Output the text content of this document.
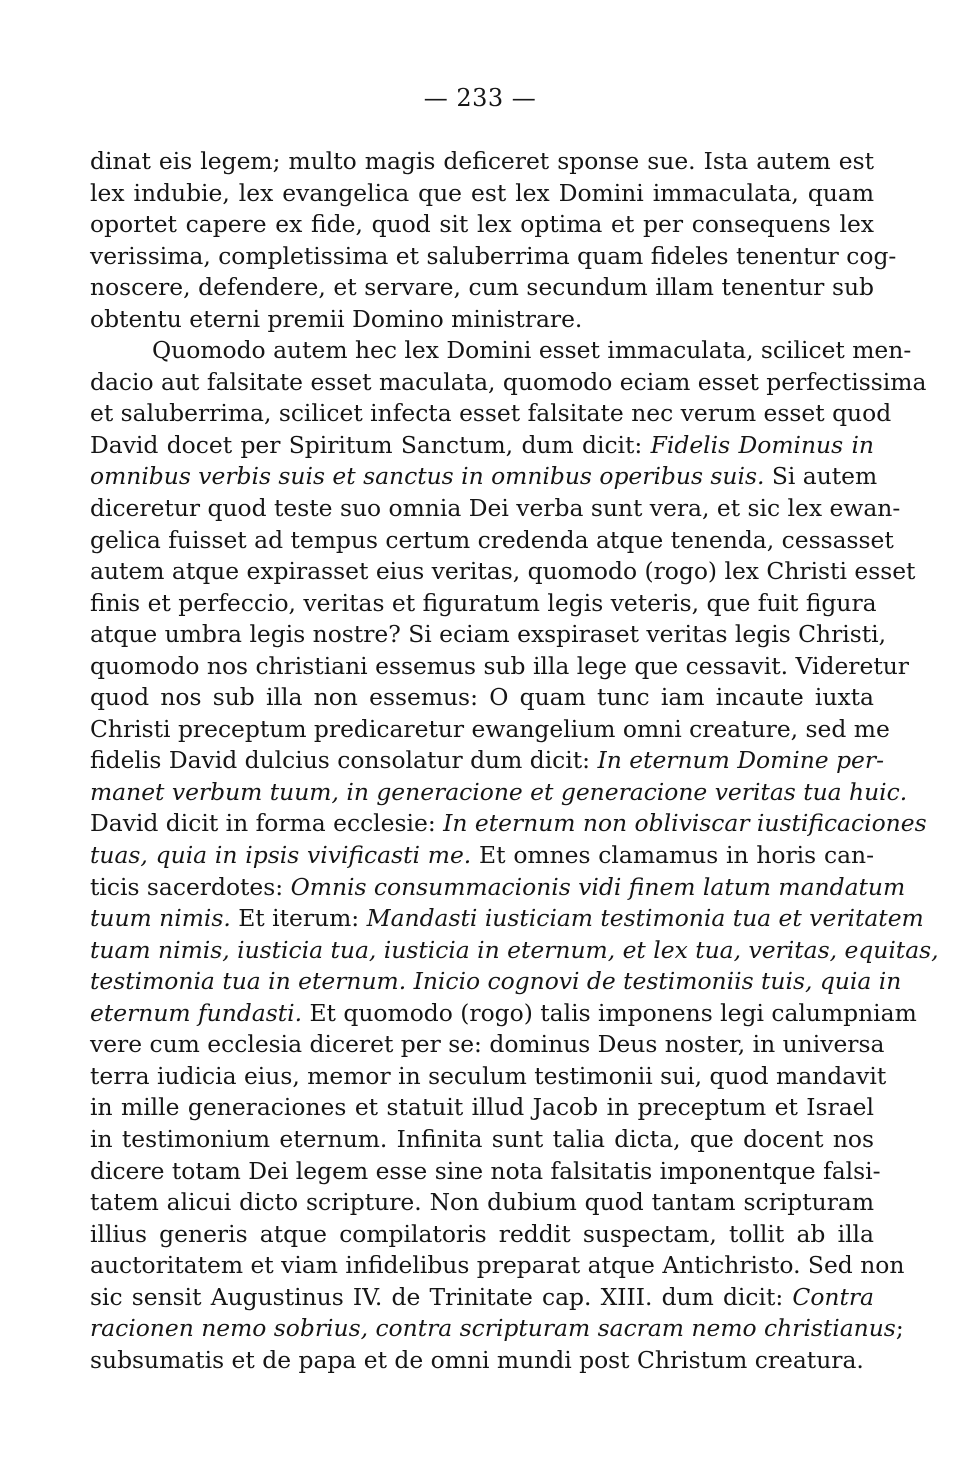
— 233 —
dinat eis legem; multo magis deficeret sponse sue. Ista autem est
lex indubie, lex evangelica que est lex Domini immaculata, quam
oportet capere ex fide, quod sit lex optima et per consequens lex
verissima, completissima et saluberrima quam fideles tenentur cog-
noscere, defendere, et servare, cum secundum illam tenentur sub
obtentu eterni premii Domino ministrare.
Quomodo autem hec lex Domini esset immaculata, scilicet men-
dacio aut falsitate esset maculata, quomodo eciam esset perfectissima
et saluberrima, scilicet infecta esset falsitate nec verum esset quod
David docet per Spiritum Sanctum, dum dicit: Fidelis Dominus in
omnibus verbis suis et sanctus in omnibus operibus suis. Si autem
diceretur quod teste suo omnia Dei verba sunt vera, et sic lex ewan-
gelica fuisset ad tempus certum credenda atque tenenda, cessasset
autem atque expirasset eius veritas, quomodo (rogo) lex Christi esset
finis et perfeccio, veritas et figuratum legis veteris, que fuit figura
atque umbra legis nostre? Si eciam exspiraset veritas legis Christi,
quomodo nos christiani essemus sub illa lege que cessavit. Videretur
quod nos sub illa non essemus: O quam tunc iam incaute iuxta
Christi preceptum predicaretur ewangelium omni creature, sed me
fidelis David dulcius consolatur dum dicit: In eternum Domine per-
manet verbum tuum, in generacione et generacione veritas tua huic.
David dicit in forma ecclesie: In eternum non obliviscar iustificaciones
tuas, quia in ipsis vivificasti me. Et omnes clamamus in horis can-
ticis sacerdotes: Omnis consummacionis vidi finem latum mandatum
tuum nimis. Et iterum: Mandasti iusticiam testimonia tua et veritatem
tuam nimis, iusticia tua, iusticia in eternum, et lex tua, veritas, equitas,
testimonia tua in eternum. Inicio cognovi de testimoniis tuis, quia in
eternum fundasti. Et quomodo (rogo) talis imponens legi calumpniam
vere cum ecclesia diceret per se: dominus Deus noster, in universa
terra iudicia eius, memor in seculum testimonii sui, quod mandavit
in mille generaciones et statuit illud Jacob in preceptum et Israel
in testimonium eternum. Infinita sunt talia dicta, que docent nos
dicere totam Dei legem esse sine nota falsitatis imponentque falsi-
tatem alicui dicto scripture. Non dubium quod tantam scripturam
illius generis atque compilatoris reddit suspectam, tollit ab illa
auctoritatem et viam infidelibus preparat atque Antichristo. Sed non
sic sensit Augustinus IV. de Trinitate cap. XIII. dum dicit: Contra
racionen nemo sobrius, contra scripturam sacram nemo christianus;
subsumatis et de papa et de omni mundi post Christum creatura.
